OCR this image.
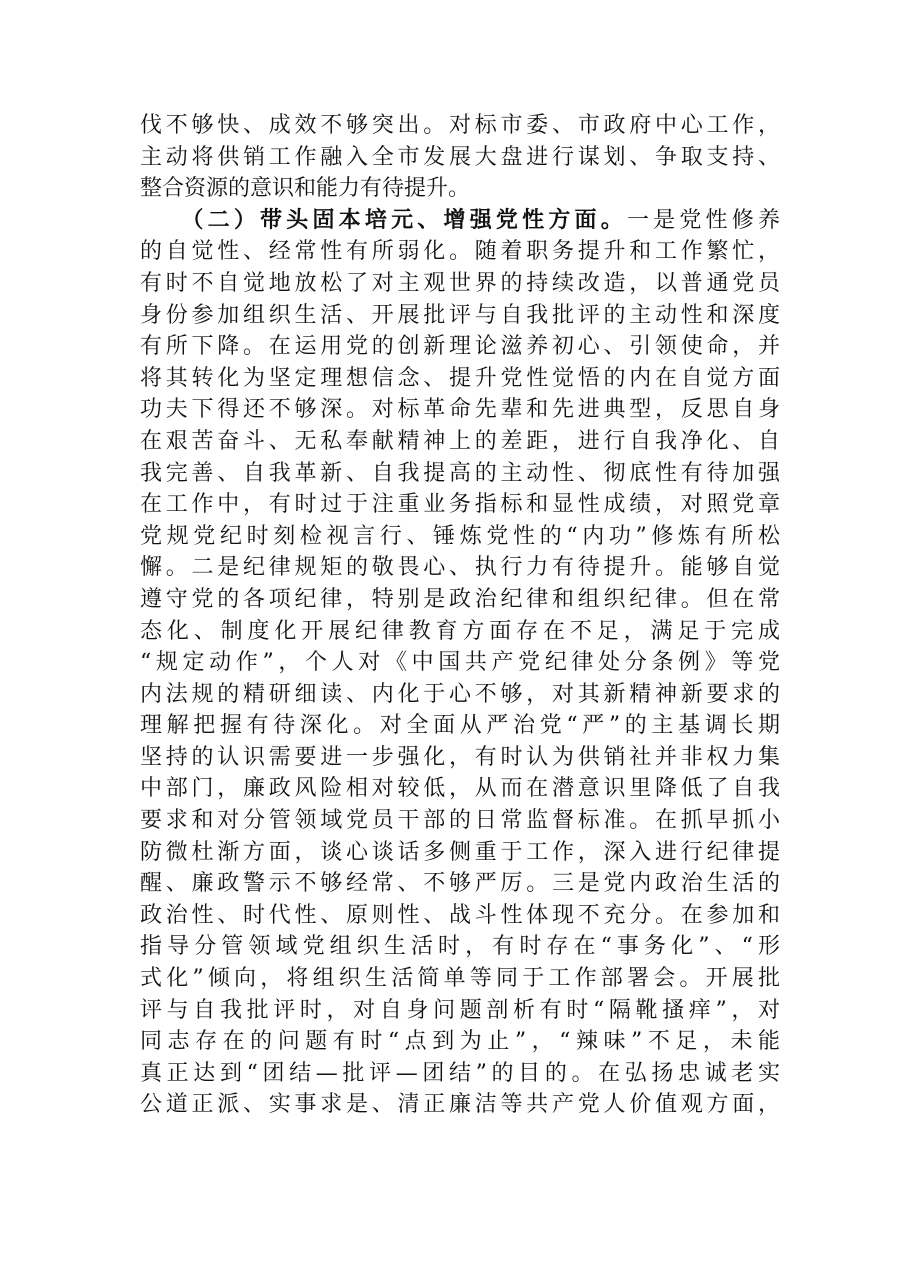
伐不够快、成效不够突出。对标市委、市政府中心工作，
主动将供销工作融入全市发展大盘进行谋划、争取支持、
整合资源的意识和能力有待提升。
　　（二）带头固本培元、增强党性方面。一是党性修养
的自觉性、经常性有所弱化。随着职务提升和工作繁忙，
有时不自觉地放松了对主观世界的持续改造，以普通党员
身份参加组织生活、开展批评与自我批评的主动性和深度
有所下降。在运用党的创新理论滋养初心、引领使命，并
将其转化为坚定理想信念、提升党性觉悟的内在自觉方面
功夫下得还不够深。对标革命先辈和先进典型，反思自身
在艰苦奋斗、无私奉献精神上的差距，进行自我净化、自
我完善、自我革新、自我提高的主动性、彻底性有待加强
在工作中，有时过于注重业务指标和显性成绩，对照党章
党规党纪时刻检视言行、锤炼党性的“内功”修炼有所松
懈。二是纪律规矩的敬畏心、执行力有待提升。能够自觉
遵守党的各项纪律，特别是政治纪律和组织纪律。但在常
态化、制度化开展纪律教育方面存在不足，满足于完成
“规定动作”，个人对《中国共产党纪律处分条例》等党
内法规的精研细读、内化于心不够，对其新精神新要求的
理解把握有待深化。对全面从严治党“严”的主基调长期
坚持的认识需要进一步强化，有时认为供销社并非权力集
中部门，廉政风险相对较低，从而在潜意识里降低了自我
要求和对分管领域党员干部的日常监督标准。在抓早抓小
防微杜渐方面，谈心谈话多侧重于工作，深入进行纪律提
醒、廉政警示不够经常、不够严厉。三是党内政治生活的
政治性、时代性、原则性、战斗性体现不充分。在参加和
指导分管领域党组织生活时，有时存在“事务化”、“形
式化”倾向，将组织生活简单等同于工作部署会。开展批
评与自我批评时，对自身问题剖析有时“隔靴搔痒”，对
同志存在的问题有时“点到为止”，“辣味”不足，未能
真正达到“团结—批评—团结”的目的。在弘扬忠诚老实
公道正派、实事求是、清正廉洁等共产党人价值观方面，
